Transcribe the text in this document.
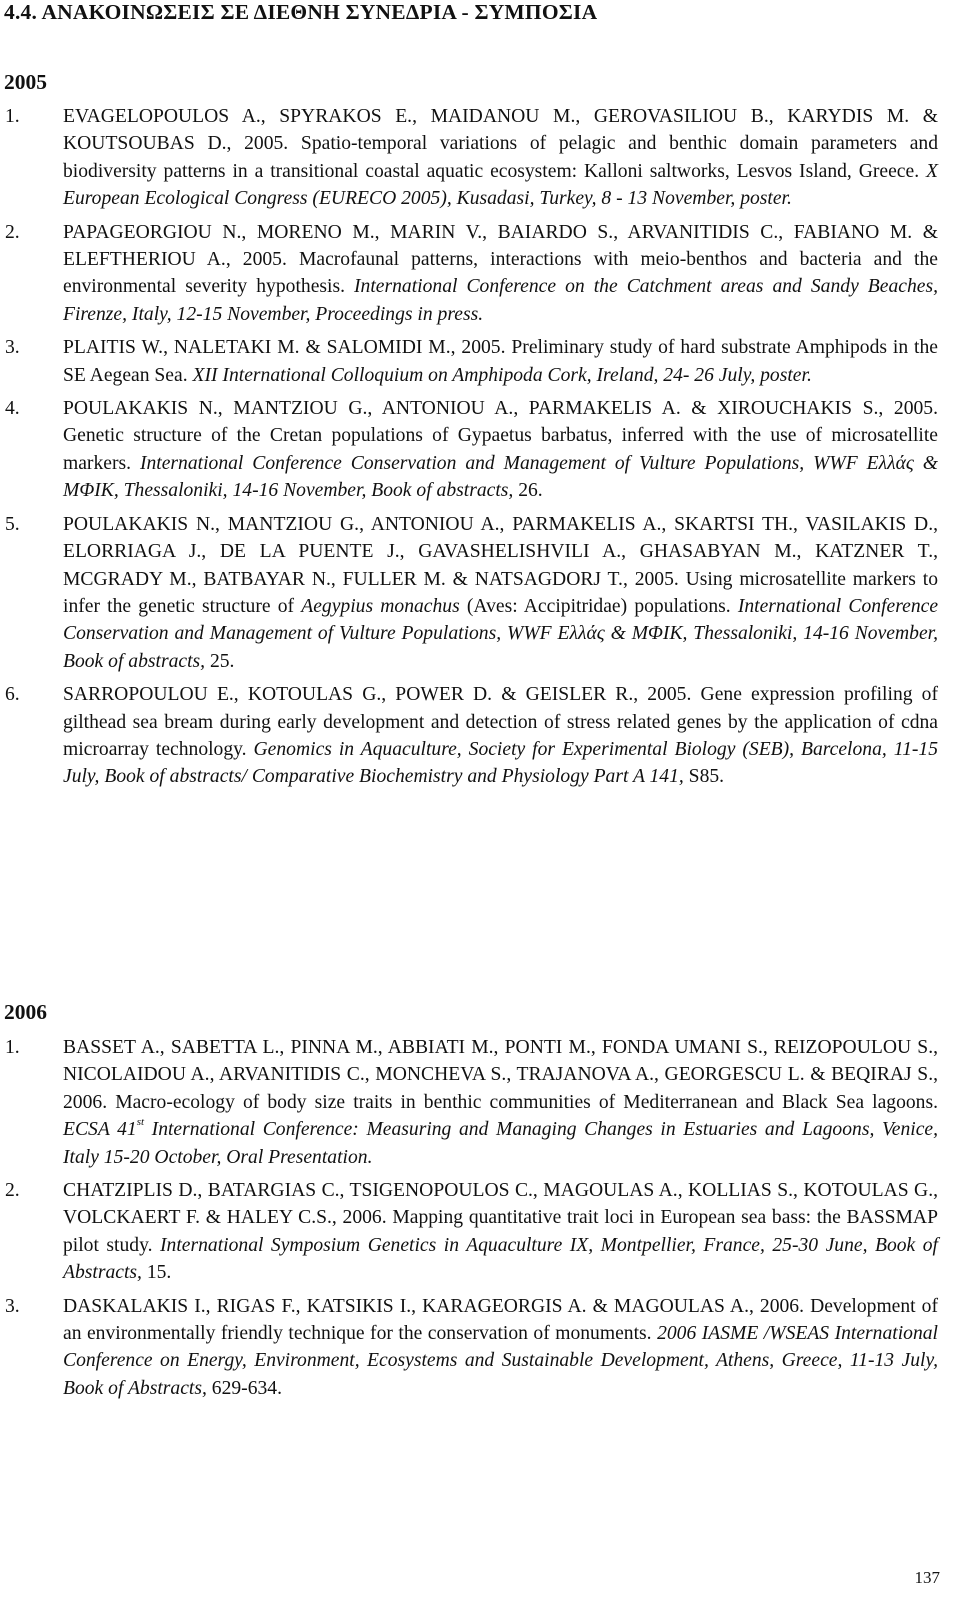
4.4. ΑΝΑΚΟΙΝΩΣΕΙΣ ΣΕ ΔΙΕΘΝΗ ΣΥΝΕΔΡΙΑ - ΣΥΜΠΟΣΙΑ
2005
1. EVAGELOPOULOS A., SPYRAKOS E., MAIDANOU M., GEROVASILIOU B., KARYDIS M. & KOUTSOUBAS D., 2005. Spatio-temporal variations of pelagic and benthic domain parameters and biodiversity patterns in a transitional coastal aquatic ecosystem: Kalloni saltworks, Lesvos Island, Greece. X European Ecological Congress (EURECO 2005), Kusadasi, Turkey, 8 - 13 November, poster.
2. PAPAGEORGIOU N., MORENO M., MARIN V., BAIARDO S., ARVANITIDIS C., FABIANO M. & ELEFTHERIOU A., 2005. Macrofaunal patterns, interactions with meio-benthos and bacteria and the environmental severity hypothesis. International Conference on the Catchment areas and Sandy Beaches, Firenze, Italy, 12-15 November, Proceedings in press.
3. PLAITIS W., NALETAKI M. & SALOMIDI M., 2005. Preliminary study of hard substrate Amphipods in the SE Aegean Sea. XII International Colloquium on Amphipoda Cork, Ireland, 24- 26 July, poster.
4. POULAKAKIS N., MANTZIOU G., ANTONIOU A., PARMAKELIS A. & XIROUCHAKIS S., 2005. Genetic structure of the Cretan populations of Gypaetus barbatus, inferred with the use of microsatellite markers. International Conference Conservation and Management of Vulture Populations, WWF Ελλάς & ΜΦΙΚ, Thessaloniki, 14-16 November, Book of abstracts, 26.
5. POULAKAKIS N., MANTZIOU G., ANTONIOU A., PARMAKELIS A., SKARTSI TH., VASILAKIS D., ELORRIAGA J., DE LA PUENTE J., GAVASHELISHVILI A., GHASABYAN M., KATZNER T., MCGRADY M., BATBAYAR N., FULLER M. & NATSAGDORJ T., 2005. Using microsatellite markers to infer the genetic structure of Aegypius monachus (Aves: Accipitridae) populations. International Conference Conservation and Management of Vulture Populations, WWF Ελλάς & ΜΦΙΚ, Thessaloniki, 14-16 November, Book of abstracts, 25.
6. SARROPOULOU E., KOTOULAS G., POWER D. & GEISLER R., 2005. Gene expression profiling of gilthead sea bream during early development and detection of stress related genes by the application of cdna microarray technology. Genomics in Aquaculture, Society for Experimental Biology (SEB), Barcelona, 11-15 July, Book of abstracts/ Comparative Biochemistry and Physiology Part A 141, S85.
2006
1. BASSET A., SABETTA L., PINNA M., ABBIATI M., PONTI M., FONDA UMANI S., REIZOPOULOU S., NICOLAIDOU A., ARVANITIDIS C., MONCHEVA S., TRAJANOVA A., GEORGESCU L. & BEQIRAJ S., 2006. Macro-ecology of body size traits in benthic communities of Mediterranean and Black Sea lagoons. ECSA 41st International Conference: Measuring and Managing Changes in Estuaries and Lagoons, Venice, Italy 15-20 October, Oral Presentation.
2. CHATZIPLIS D., BATARGIAS C., TSIGENOPOULOS C., MAGOULAS A., KOLLIAS S., KOTOULAS G., VOLCKAERT F. & HALEY C.S., 2006. Mapping quantitative trait loci in European sea bass: the BASSMAP pilot study. International Symposium Genetics in Aquaculture IX, Montpellier, France, 25-30 June, Book of Abstracts, 15.
3. DASKALAKIS I., RIGAS F., KATSIKIS I., KARAGEORGIS A. & MAGOULAS A., 2006. Development of an environmentally friendly technique for the conservation of monuments. 2006 IASME /WSEAS International Conference on Energy, Environment, Ecosystems and Sustainable Development, Athens, Greece, 11-13 July, Book of Abstracts, 629-634.
137
